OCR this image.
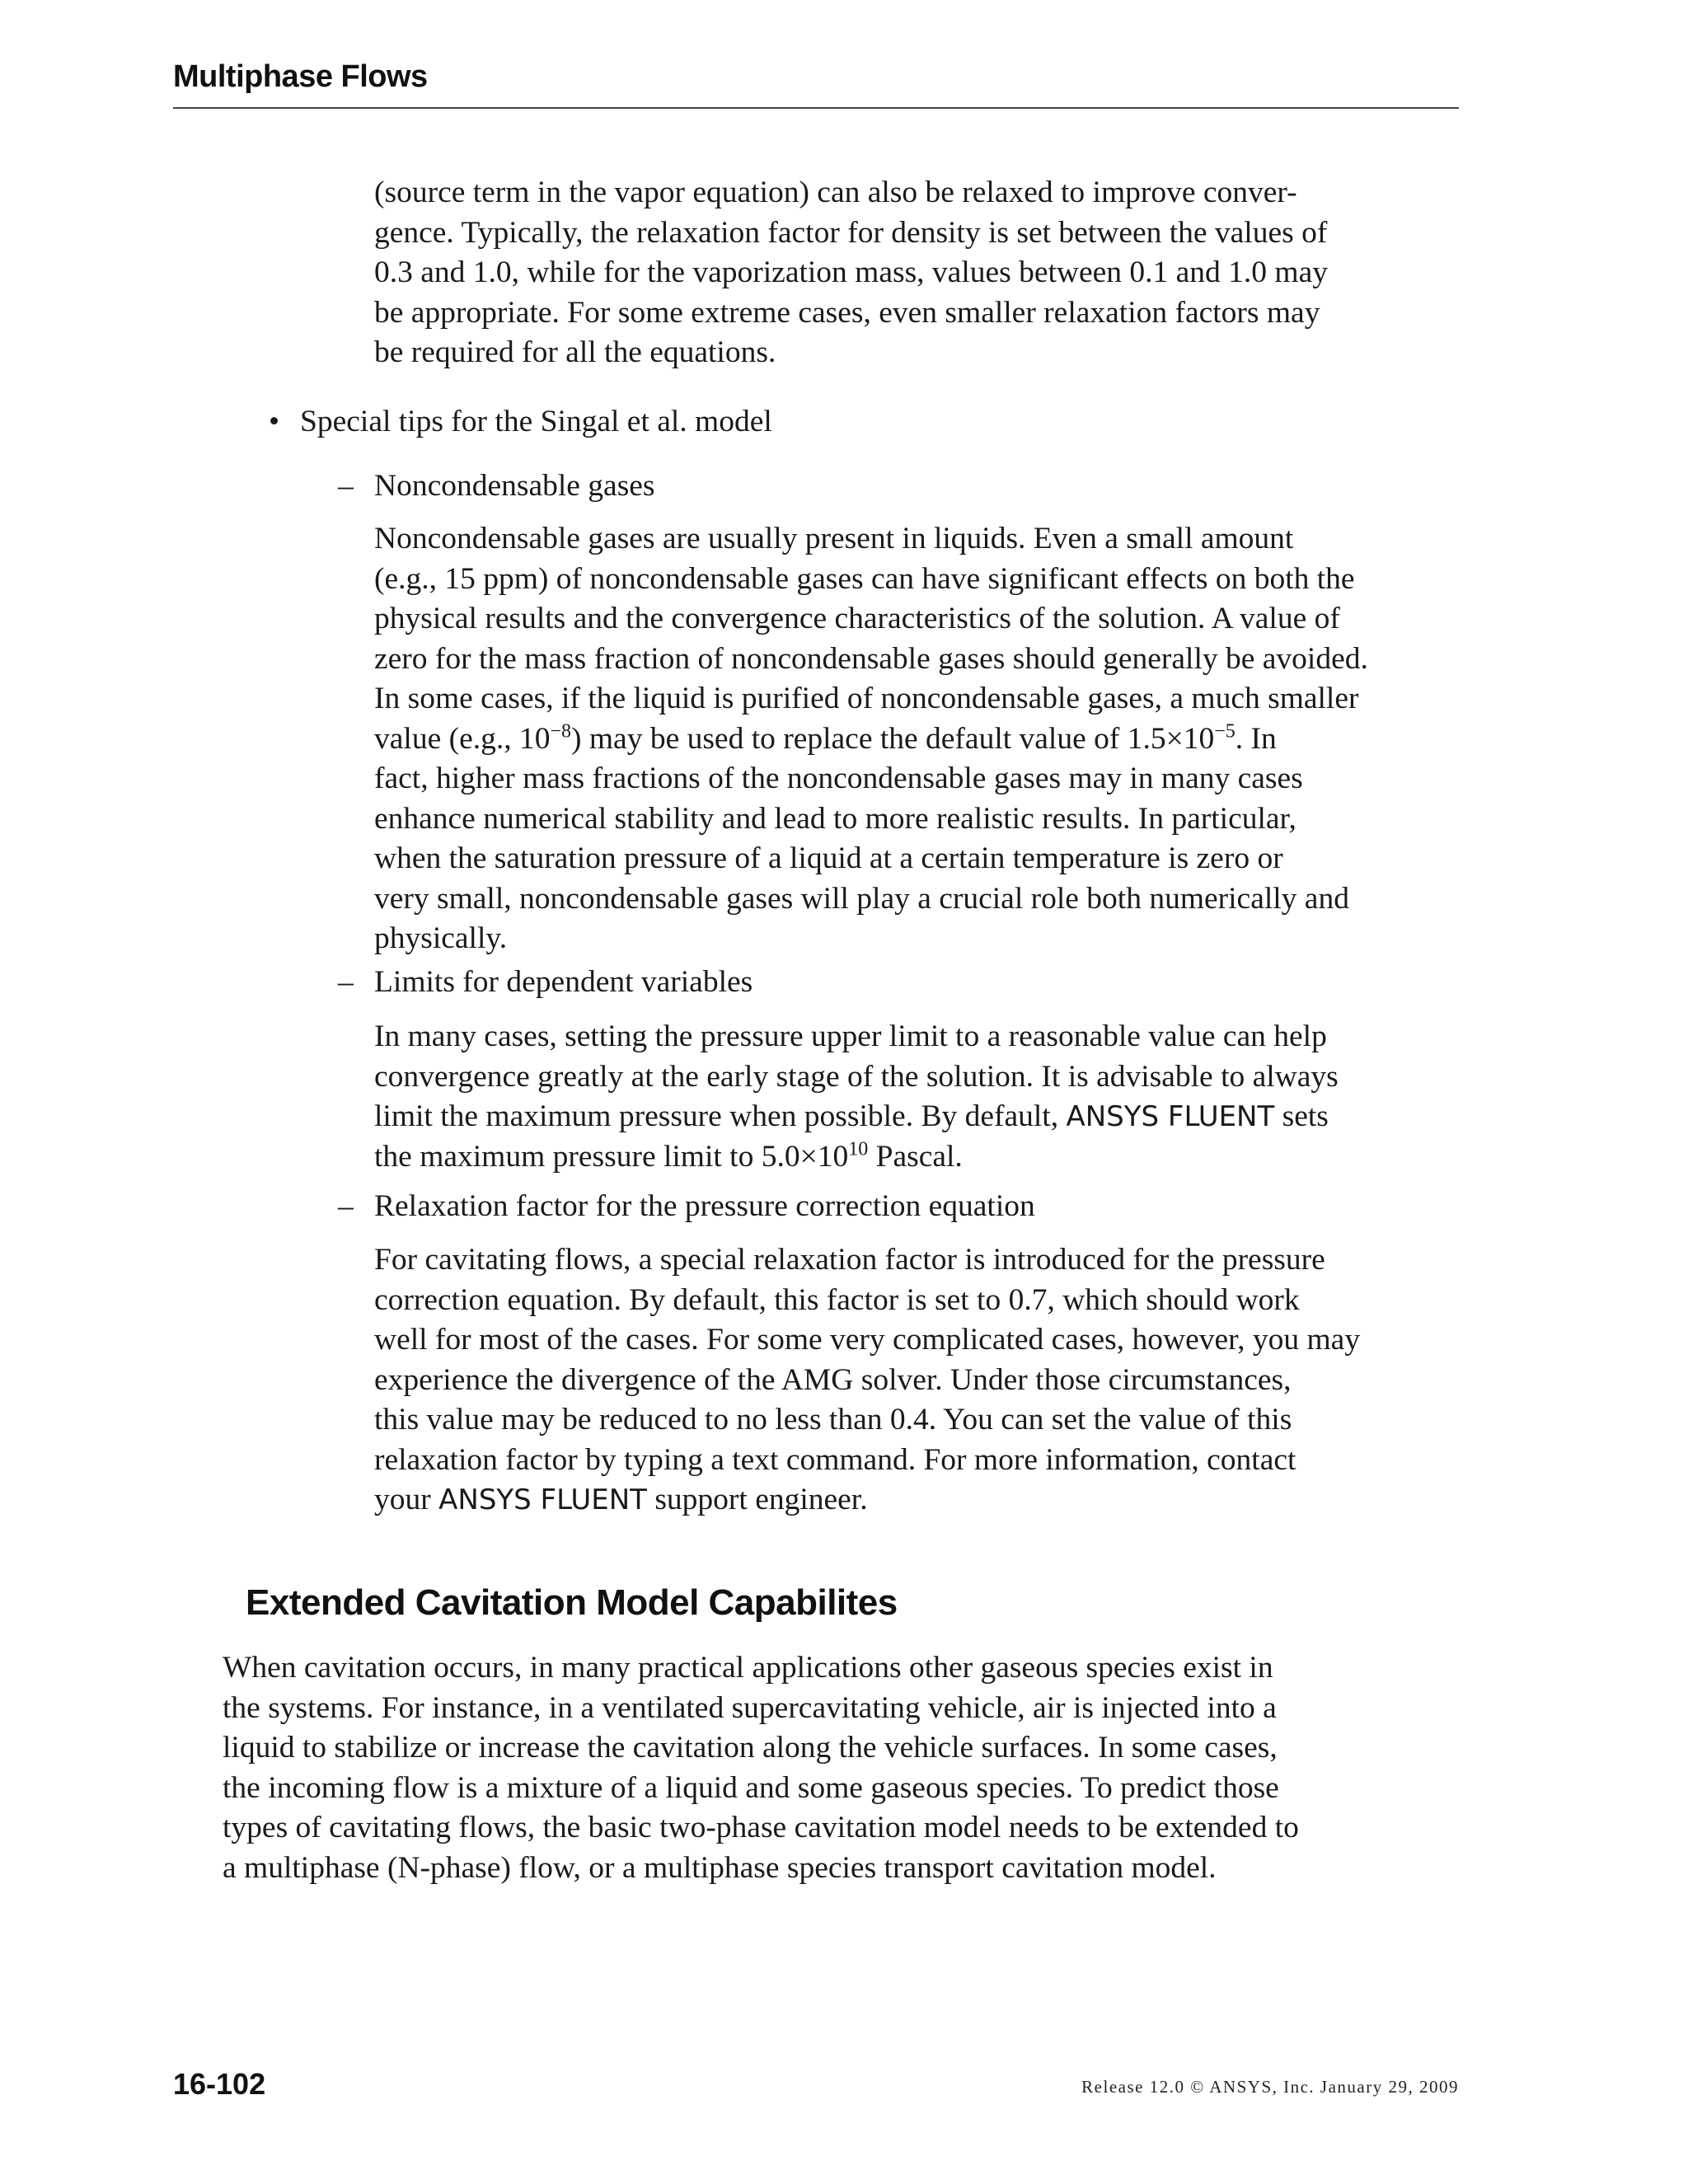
Multiphase Flows

(source term in the vapor equation) can also be relaxed to improve conver-
gence. Typically, the relaxation factor for density is set between the values of
0.3 and 1.0, while for the vaporization mass, values between 0.1 and 1.0 may
be appropriate. For some extreme cases, even smaller relaxation factors may
be required for all the equations.

• Special tips for the Singal et al. model
– Noncondensable gases

Noncondensable gases are usually present in liquids. Even a small amount
(e.g., 15 ppm) of noncondensable gases can have significant effects on both the
physical results and the convergence characteristics of the solution. A value of
zero for the mass fraction of noncondensable gases should generally be avoided.
In some cases, if the liquid is purified of noncondensable gases, a much smaller
value (e.g., $10^{-8}$) may be used to replace the default value of $1.5\times 10^{-5}$. In
fact, higher mass fractions of the noncondensable gases may in many cases
enhance numerical stability and lead to more realistic results. In particular,
when the saturation pressure of a liquid at a certain temperature is zero or
very small, noncondensable gases will play a crucial role both numerically and
physically.

– Limits for dependent variables

In many cases, setting the pressure upper limit to a reasonable value can help
convergence greatly at the early stage of the solution. It is advisable to always
limit the maximum pressure when possible. By default, ANSYS FLUENT sets
the maximum pressure limit to $5.0\times 10^{10}$ Pascal.

– Relaxation factor for the pressure correction equation

For cavitating flows, a special relaxation factor is introduced for the pressure
correction equation. By default, this factor is set to 0.7, which should work
well for most of the cases. For some very complicated cases, however, you may
experience the divergence of the AMG solver. Under those circumstances,
this value may be reduced to no less than 0.4. You can set the value of this
relaxation factor by typing a text command. For more information, contact
your ANSYS FLUENT support engineer.

Extended Cavitation Model Capabilites

When cavitation occurs, in many practical applications other gaseous species exist in
the systems. For instance, in a ventilated supercavitating vehicle, air is injected into a
liquid to stabilize or increase the cavitation along the vehicle surfaces. In some cases,
the incoming flow is a mixture of a liquid and some gaseous species. To predict those
types of cavitating flows, the basic two-phase cavitation model needs to be extended to
a multiphase (N-phase) flow, or a multiphase species transport cavitation model.

16-102	Release 12.0 © ANSYS, Inc. January 29, 2009
